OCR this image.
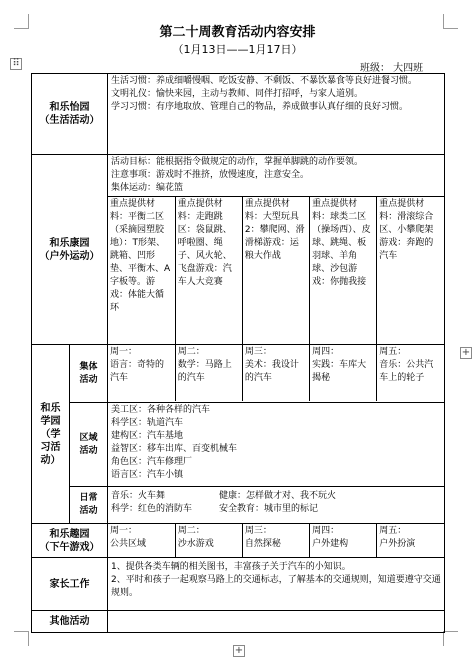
⠿
+
+
第二十周教育活动内容安排
（1月13日——1月17日）
班级： 大四班
和乐怡园
（生活活动）

生活习惯：养成细嚼慢咽、吃饭安静、不剩饭、不暴饮暴食等良好进餐习惯。
文明礼仪：愉快来园，主动与教师、同伴打招呼，与家人道别。
学习习惯：有序地取放、管理自己的物品，养成做事认真仔细的良好习惯。

和乐康园
（户外运动）

活动目标：能根据指令做规定的动作，掌握单脚跳的动作要领。
注意事项：游戏时不推挤，放慢速度，注意安全。
集体运动：编花篮
重点提供材料：平衡二区（采摘园塑胶地）：T形架、跳箱、凹形垫、平衡木、A字板等。游戏：体能大循环	重点提供材料：走跑跳区：袋鼠跳、呼啦圈、绳子、风火轮、飞盘游戏：汽车人大竞赛	重点提供材料：大型玩具2：攀爬网、滑滑梯游戏：运粮大作战	重点提供材料：球类二区（操场西）、皮球、跳绳、板羽球、羊角球、沙包游戏：你抛我接	重点提供材料：滑滚综合区、小攀爬架游戏：奔跑的汽车

和乐
学园
（学
习活
动）

集体
活动

周一：
语言：奇特的汽车	
周二：
数学：马路上的汽车	
周三：
美术：我设计的汽车	
周四：
实践：车库大揭秘	
周五：
音乐：公共汽车上的轮子

区域
活动

美工区：各种各样的汽车
科学区：轨道汽车
建构区：汽车基地
益智区：移车出库、百变机械车
角色区：汽车修理厂
语言区：汽车小镇

日常
活动

音乐：火车舞	健康：怎样做才对、我不玩火
科学：红色的消防车	安全教育：城市里的标记

和乐趣园
（下午游戏）

周一：
公共区域	
周二：
沙水游戏	
周三：
自然探秘	
周四：
户外建构	
周五：
户外扮演

家长工作	
1、提供各类车辆的相关图书，丰富孩子关于汽车的小知识。
2、平时和孩子一起观察马路上的交通标志，了解基本的交通规则，知道要遵守交通规则。

其他活动	
